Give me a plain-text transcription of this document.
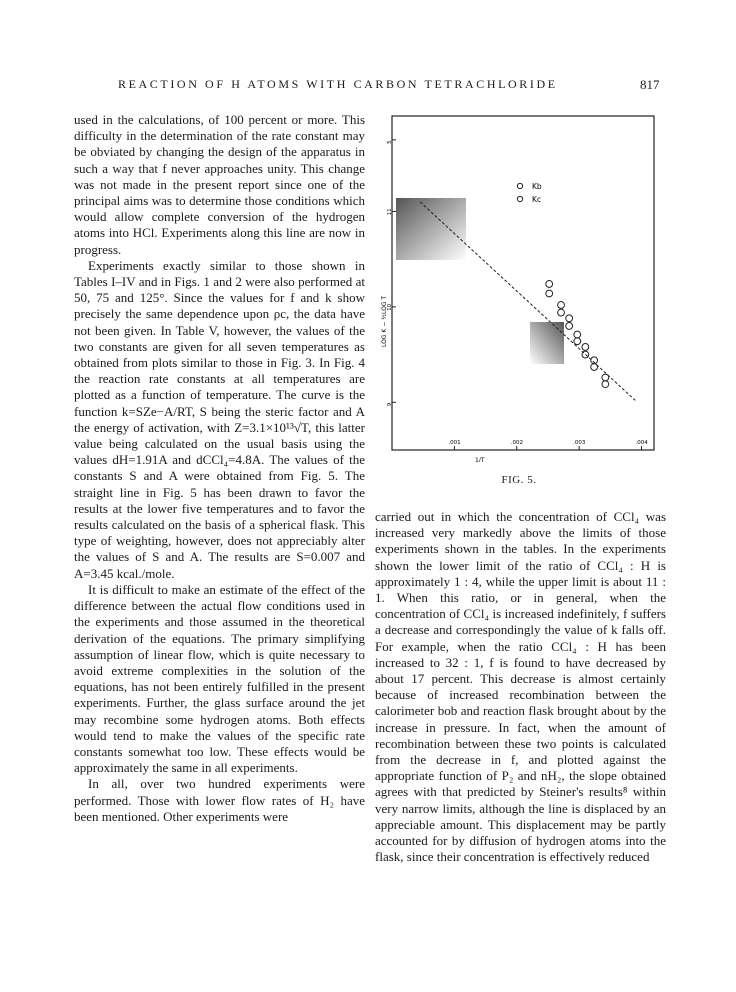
REACTION OF H ATOMS WITH CARBON TETRACHLORIDE	817

used in the calculations, of 100 percent or more. This difficulty in the determination of the rate constant may be obviated by changing the design of the apparatus in such a way that f never approaches unity. This change was not made in the present report since one of the principal aims was to determine those conditions which would allow complete conversion of the hydrogen atoms into HCl. Experiments along this line are now in progress.

Experiments exactly similar to those shown in Tables I–IV and in Figs. 1 and 2 were also performed at 50, 75 and 125°. Since the values for f and k show precisely the same dependence upon ρc, the data have not been given. In Table V, however, the values of the two constants are given for all seven temperatures as obtained from plots similar to those in Fig. 3. In Fig. 4 the reaction rate constants at all temperatures are plotted as a function of temperature. The curve is the function k=SZe−A/RT, S being the steric factor and A the energy of activation, with Z=3.1×10¹³√T, this latter value being calculated on the usual basis using the values dH=1.91A and dCCl₄=4.8A. The values of the constants S and A were obtained from Fig. 5. The straight line in Fig. 5 has been drawn to favor the results at the lower five temperatures and to favor the results calculated on the basis of a spherical flask. This type of weighting, however, does not appreciably alter the values of S and A. The results are S=0.007 and A=3.45 kcal./mole.

It is difficult to make an estimate of the effect of the difference between the actual flow conditions used in the experiments and those assumed in the theoretical derivation of the equations. The primary simplifying assumption of linear flow, which is quite necessary to avoid extreme complexities in the solution of the equations, has not been entirely fulfilled in the present experiments. Further, the glass surface around the jet may recombine some hydrogen atoms. Both effects would tend to make the values of the specific rate constants somewhat too low. These effects would be approximately the same in all experiments.

In all, over two hundred experiments were performed. Those with lower flow rates of H₂ have been mentioned. Other experiments were

.001	.002	.003	.004
5
11
10
9
Kb
Kc
LOG K − ½LOG T
1/T
FIG. 5.

carried out in which the concentration of CCl₄ was increased very markedly above the limits of those experiments shown in the tables. In the experiments shown the lower limit of the ratio of CCl₄ : H is approximately 1 : 4, while the upper limit is about 11 : 1. When this ratio, or in general, when the concentration of CCl₄ is increased indefinitely, f suffers a decrease and correspondingly the value of k falls off. For example, when the ratio CCl₄ : H has been increased to 32 : 1, f is found to have decreased by about 17 percent. This decrease is almost certainly because of increased recombination between the calorimeter bob and reaction flask brought about by the increase in pressure. In fact, when the amount of recombination between these two points is calculated from the decrease in f, and plotted against the appropriate function of P₂ and nH₂, the slope obtained agrees with that predicted by Steiner's results⁸ within very narrow limits, although the line is displaced by an appreciable amount. This displacement may be partly accounted for by diffusion of hydrogen atoms into the flask, since their concentration is effectively reduced
